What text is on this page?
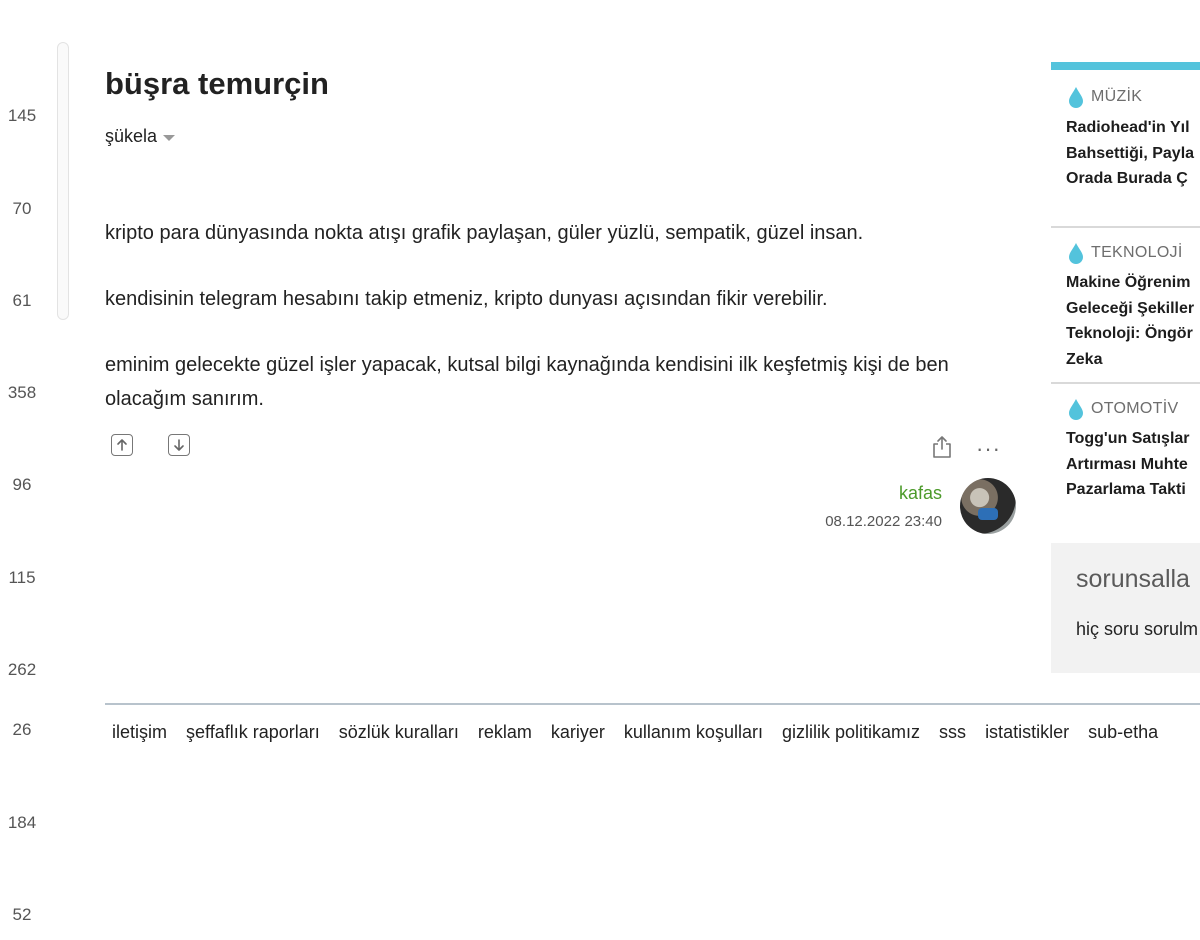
145
70
61
358
96
115
262
26
184
52
büşra temurçin
şükela

kripto para dünyasında nokta atışı grafik paylaşan, güler yüzlü, sempatik, güzel insan.

kendisinin telegram hesabını takip etmeniz, kripto dunyası açısından fikir verebilir.

eminim gelecekte güzel işler yapacak, kutsal bilgi kaynağında kendisini ilk keşfetmiş kişi de ben olacağım sanırım.

···
kafas
08.12.2022 23:40
iletişim şeffaflık raporları sözlük kuralları reklam kariyer kullanım koşulları gizlilik politikamız sss istatistikler sub-etha
MÜZİK
Radiohead'in Yıl
Bahsettiği, Payla
Orada Burada Ç
TEKNOLOJİ
Makine Öğrenim
Geleceği Şekiller
Teknoloji: Öngör
Zeka
OTOMOTİV
Togg'un Satışlar
Artırması Muhte
Pazarlama Takti
sorunsalla
hiç soru sorulm
